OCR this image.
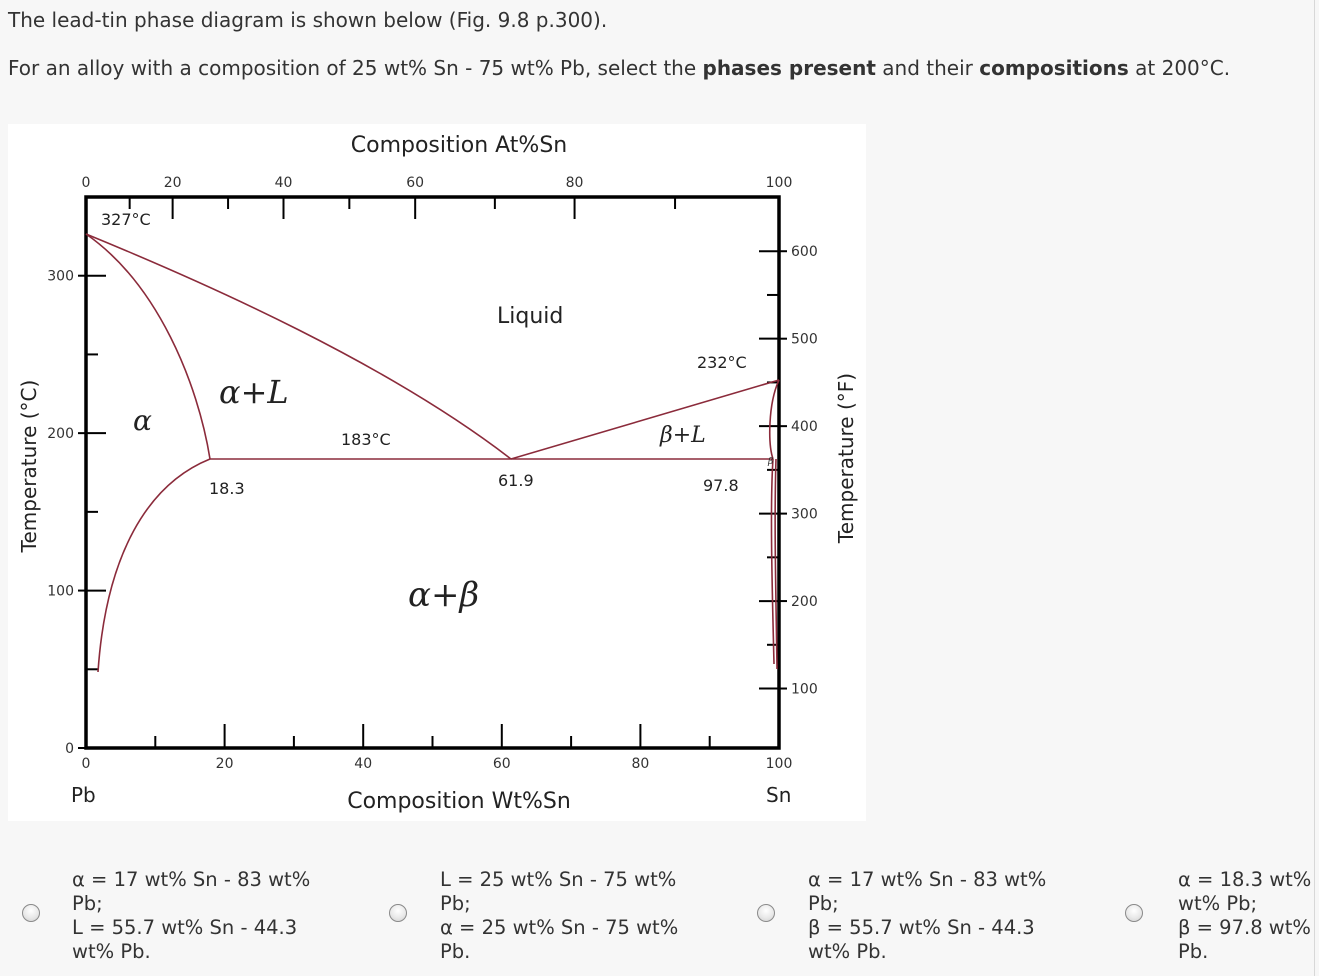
The lead-tin phase diagram is shown below (Fig. 9.8 p.300).
For an alloy with a composition of 25 wt% Sn - 75 wt% Pb, select the phases present and their compositions at 200°C.
Composition At%Sn
Composition Wt%Sn
Temperature (°C)	Temperature (°F)
0	20	40	60	80	100
0	20	40	60	80	100
300
200
100
0
600
500
400
300
200
100
327°C
232°C
183°C
18.3	61.9	97.8
Liquid
α
α+L
β+L
α+β
β
Pb	Sn
α = 17 wt% Sn - 83 wt%
Pb;
L = 55.7 wt% Sn - 44.3
wt% Pb.
L = 25 wt% Sn - 75 wt%
Pb;
α = 25 wt% Sn - 75 wt%
Pb.
α = 17 wt% Sn - 83 wt%
Pb;
β = 55.7 wt% Sn - 44.3
wt% Pb.
α = 18.3 wt%
wt% Pb;
β = 97.8 wt%
Pb.
